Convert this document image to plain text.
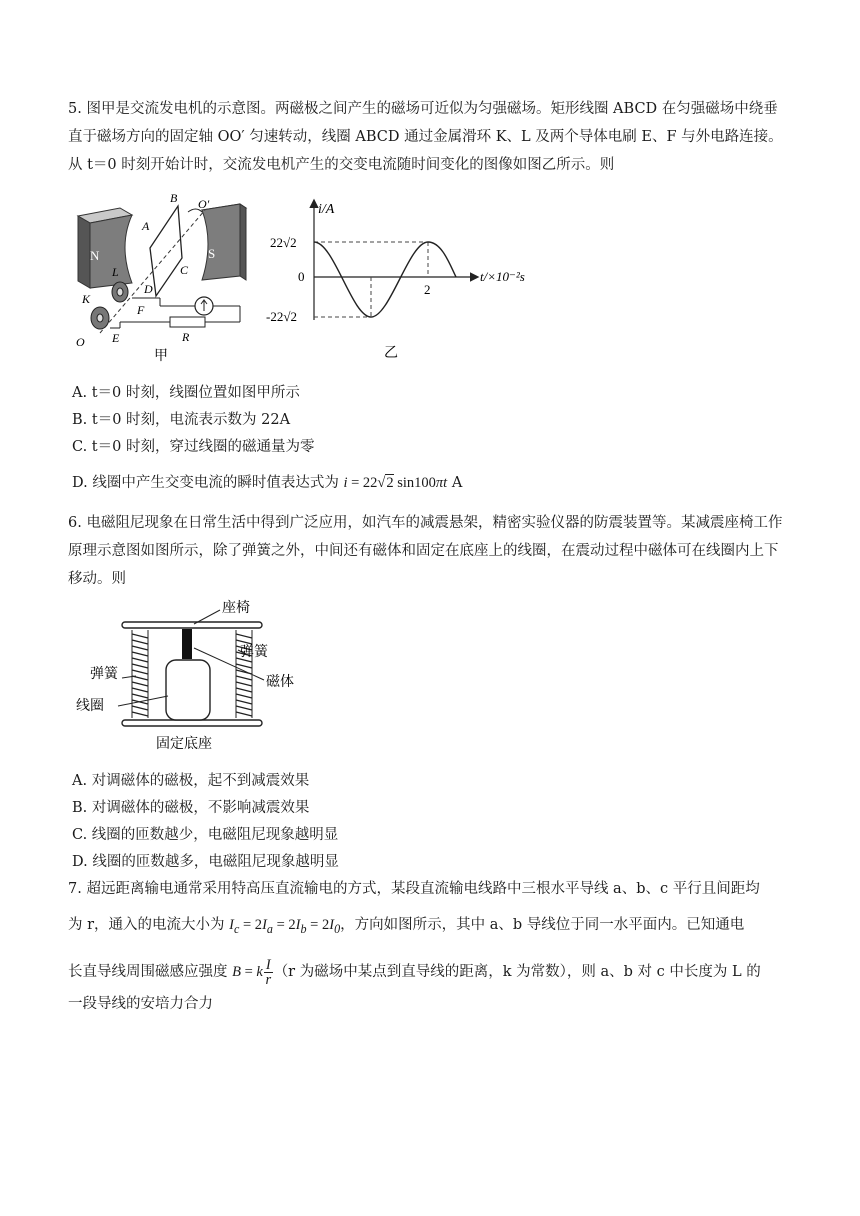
5. 图甲是交流发电机的示意图。两磁极之间产生的磁场可近似为匀强磁场。矩形线圈 ABCD 在匀强磁场中绕垂直于磁场方向的固定轴 OO′ 匀速转动，线圈 ABCD 通过金属滑环 K、L 及两个导体电刷 E、F 与外电路连接。从 t＝0 时刻开始计时，交流发电机产生的交变电流随时间变化的图像如图乙所示。则

N	S
A
B
C
D
O′
L
K
F
R
E
O
甲
i/A
t/×10⁻²s
22√2
0
-22√2
2
乙
A. t＝0 时刻，线圈位置如图甲所示
B. t＝0 时刻，电流表示数为 22A
C. t＝0 时刻，穿过线圈的磁通量为零
D. 线圈中产生交变电流的瞬时值表达式为 i = 22√2 sin100πt A

6. 电磁阻尼现象在日常生活中得到广泛应用，如汽车的减震悬架，精密实验仪器的防震装置等。某减震座椅工作原理示意图如图所示，除了弹簧之外，中间还有磁体和固定在底座上的线圈，在震动过程中磁体可在线圈内上下移动。则

座椅
弹簧
磁体
弹簧
线圈
固定底座
A. 对调磁体的磁极，起不到减震效果
B. 对调磁体的磁极，不影响减震效果
C. 线圈的匝数越少，电磁阻尼现象越明显
D. 线圈的匝数越多，电磁阻尼现象越明显
7. 超远距离输电通常采用特高压直流输电的方式，某段直流输电线路中三根水平导线 a、b、c 平行且间距均
为 r，通入的电流大小为 $I_c = 2I_a = 2I_b = 2I_0$，方向如图所示，其中 a、b 导线位于同一水平面内。已知通电
长直导线周围磁感应强度 B = k $\frac{I}{r} (r$ 为磁场中某点到直导线的距离，k 为常数），则 a、b 对 c 中长度为 L 的
一段导线的安培力合力
